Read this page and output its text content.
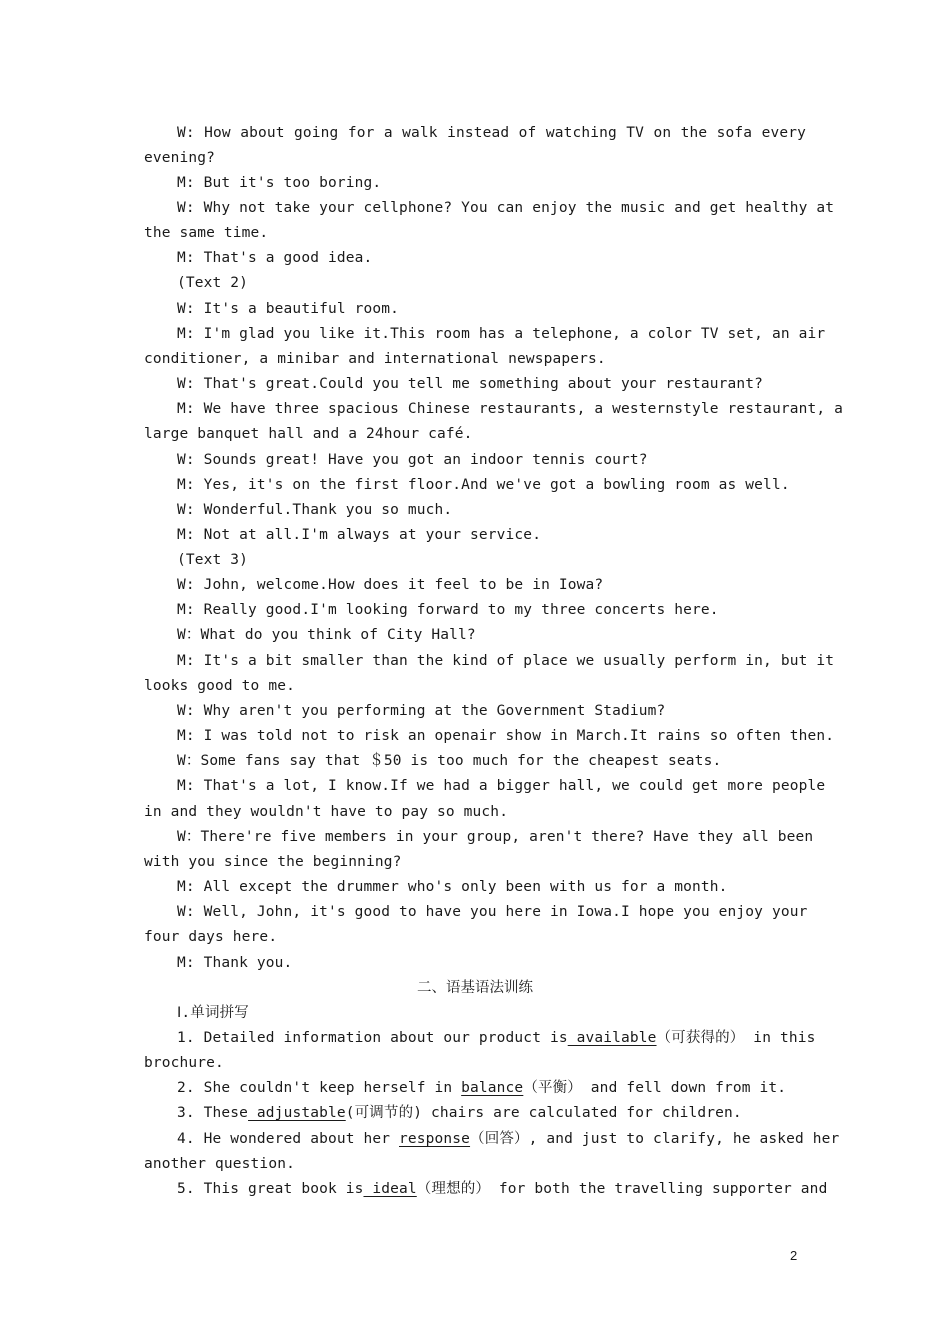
W: How about going for a walk instead of watching TV on the sofa every
evening?
M: But it's too boring.
W: Why not take your cellphone? You can enjoy the music and get healthy at
the same time.
M: That's a good idea.
(Text 2)
W: It's a beautiful room.
M: I'm glad you like it.This room has a telephone, a color TV set, an air
conditioner, a minibar and international newspapers.
W: That's great.Could you tell me something about your restaurant?
M: We have three spacious Chinese restaurants, a westernstyle restaurant, a
large banquet hall and a 24hour café.
W: Sounds great! Have you got an indoor tennis court?
M: Yes, it's on the first floor.And we've got a bowling room as well.
W: Wonderful.Thank you so much.
M: Not at all.I'm always at your service.
(Text 3)
W: John, welcome.How does it feel to be in Iowa?
M: Really good.I'm looking forward to my three concerts here.
W：What do you think of City Hall?
M: It's a bit smaller than the kind of place we usually perform in, but it
looks good to me.
W: Why aren't you performing at the Government Stadium?
M: I was told not to risk an openair show in March.It rains so often then.
W：Some fans say that ＄50 is too much for the cheapest seats.
M: That's a lot, I know.If we had a bigger hall, we could get more people
in and they wouldn't have to pay so much.
W：There're five members in your group, aren't there? Have they all been
with you since the beginning?
M: All except the drummer who's only been with us for a month.
W: Well, John, it's good to have you here in Iowa.I hope you enjoy your
four days here.
M: Thank you.
二、语基语法训练
Ⅰ.单词拼写
1. Detailed information about our product is available（可获得的） in this
brochure.
2. She couldn't keep herself in balance（平衡） and fell down from it.
3. These adjustable(可调节的) chairs are calculated for children.
4. He wondered about her response（回答）, and just to clarify, he asked her
another question.
5. This great book is ideal（理想的） for both the travelling supporter and
2
